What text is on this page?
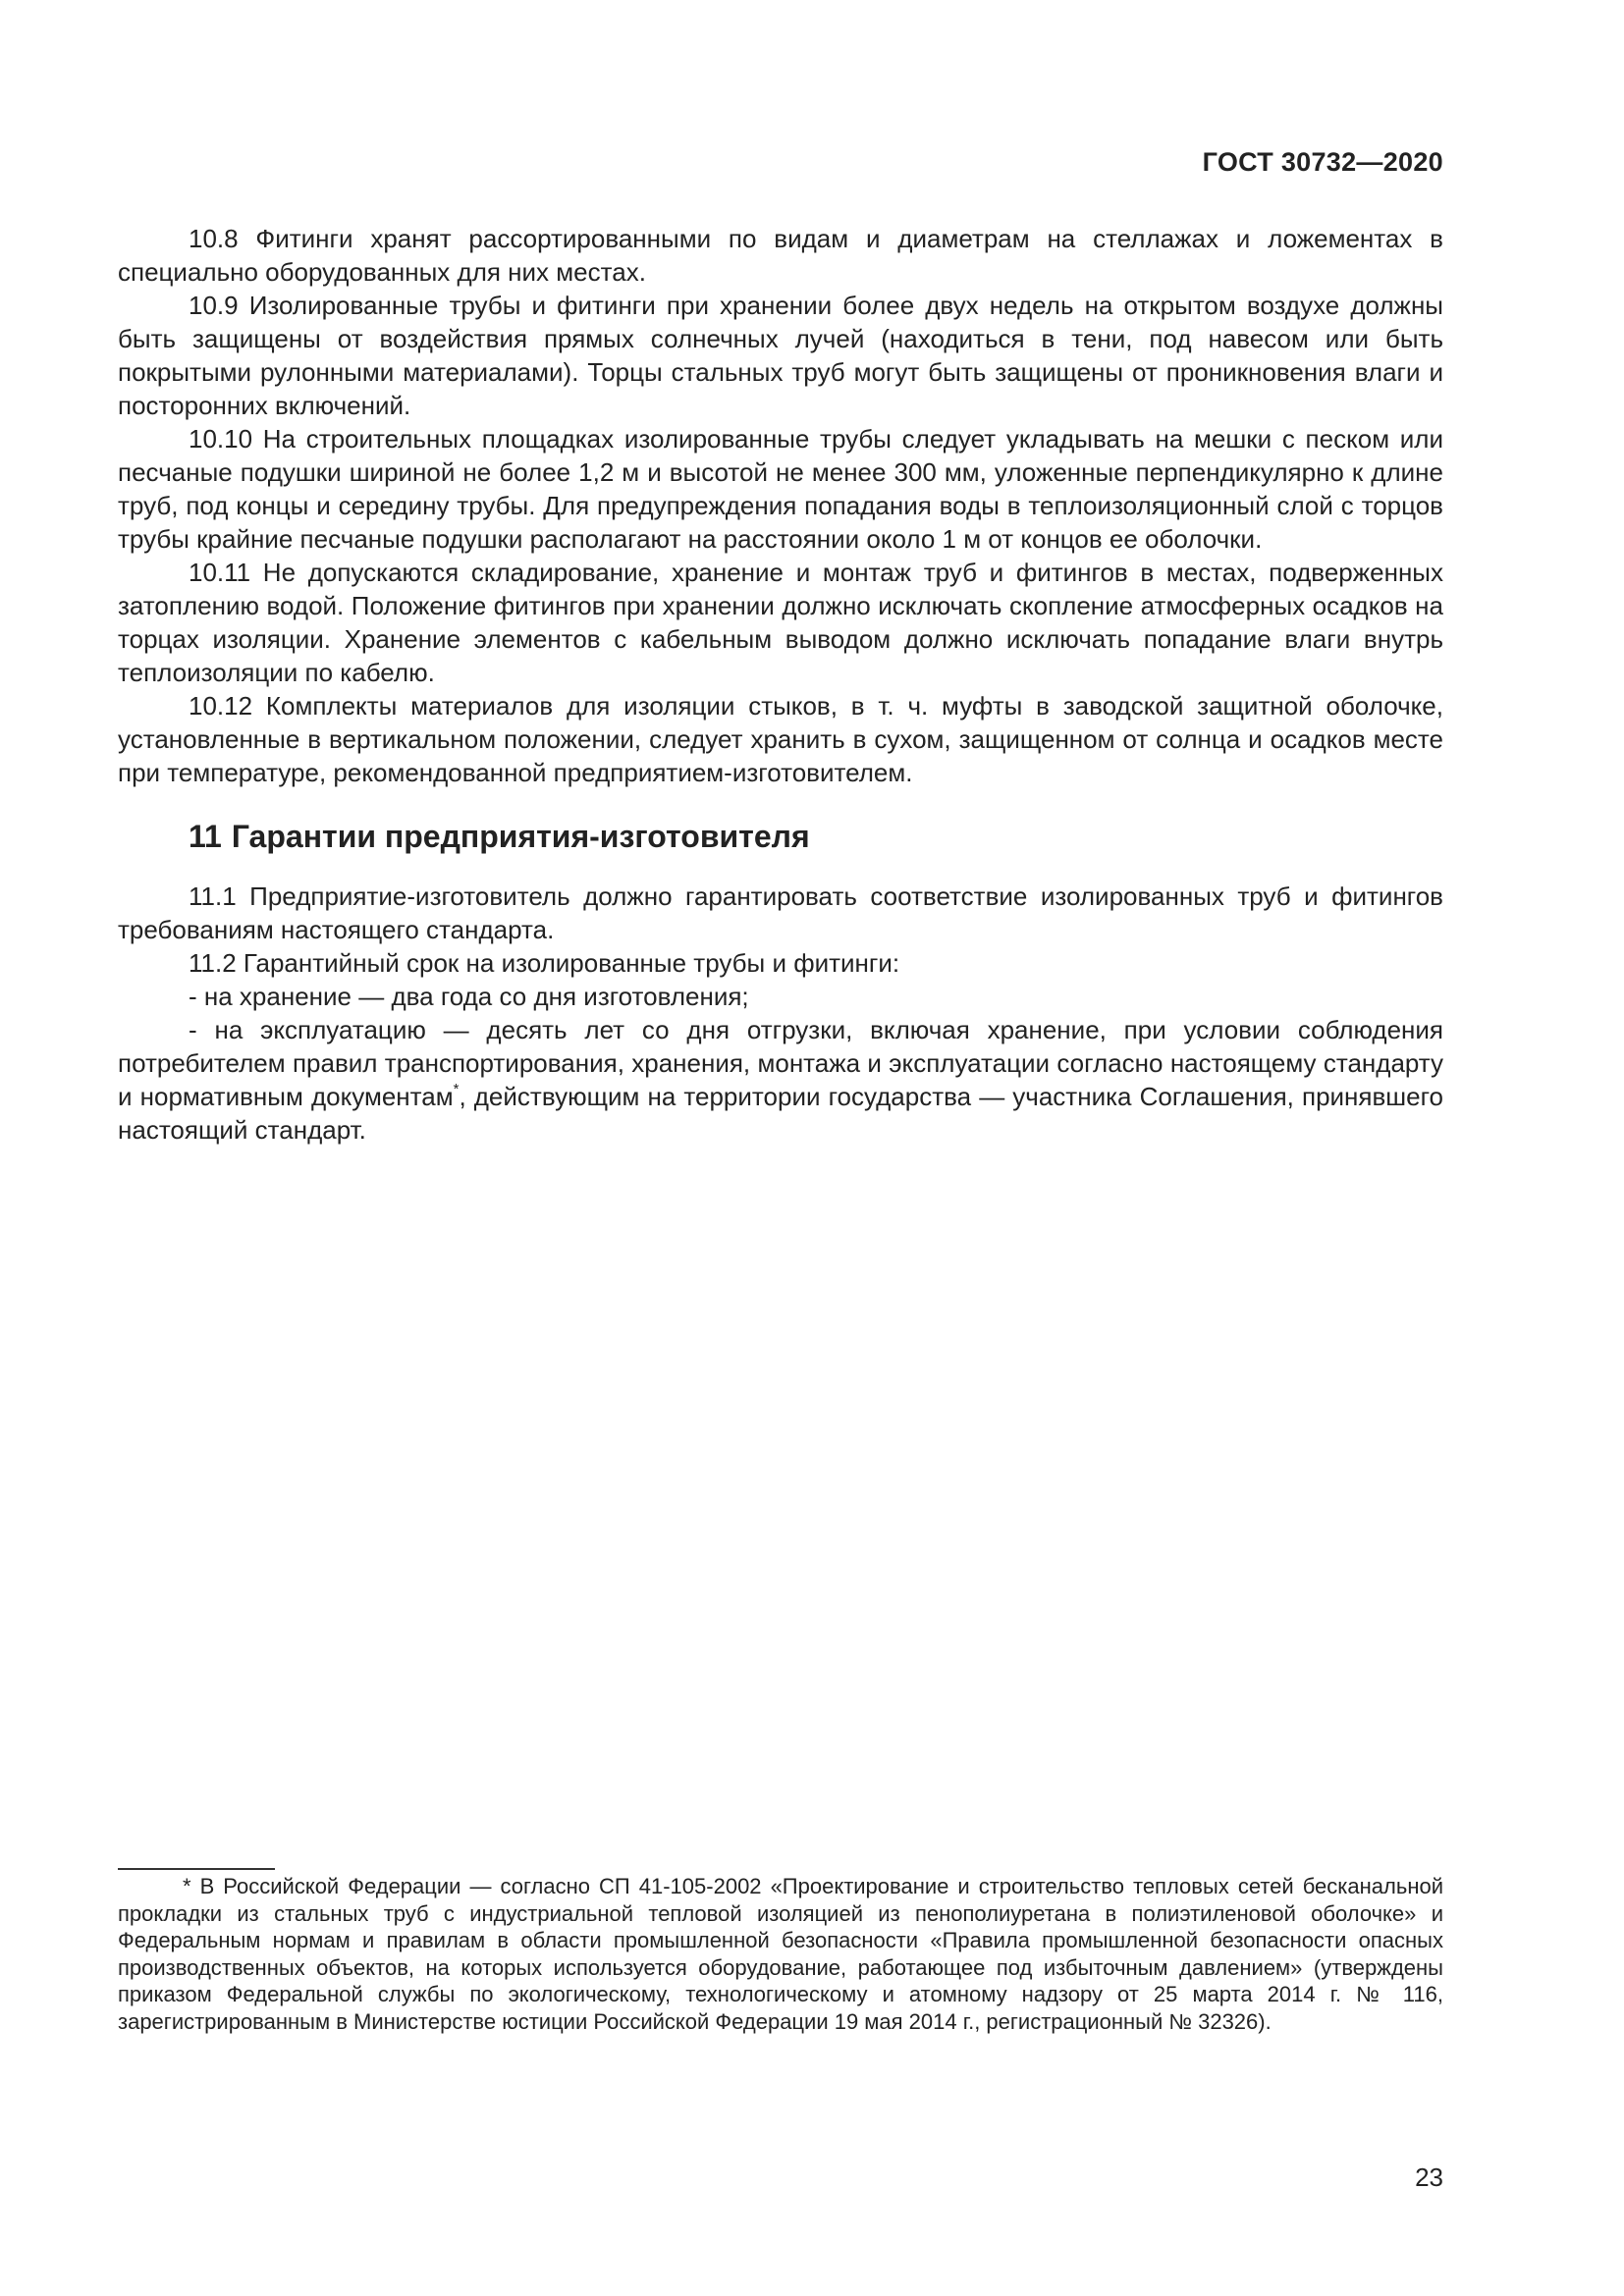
ГОСТ 30732—2020

10.8 Фитинги хранят рассортированными по видам и диаметрам на стеллажах и ложементах в специально оборудованных для них местах.

10.9 Изолированные трубы и фитинги при хранении более двух недель на открытом воздухе должны быть защищены от воздействия прямых солнечных лучей (находиться в тени, под навесом или быть покрытыми рулонными материалами). Торцы стальных труб могут быть защищены от проникновения влаги и посторонних включений.

10.10 На строительных площадках изолированные трубы следует укладывать на мешки с песком или песчаные подушки шириной не более 1,2 м и высотой не менее 300 мм, уложенные перпендикулярно к длине труб, под концы и середину трубы. Для предупреждения попадания воды в теплоизоляционный слой с торцов трубы крайние песчаные подушки располагают на расстоянии около 1 м от концов ее оболочки.

10.11 Не допускаются складирование, хранение и монтаж труб и фитингов в местах, подверженных затоплению водой. Положение фитингов при хранении должно исключать скопление атмосферных осадков на торцах изоляции. Хранение элементов с кабельным выводом должно исключать попадание влаги внутрь теплоизоляции по кабелю.

10.12 Комплекты материалов для изоляции стыков, в т. ч. муфты в заводской защитной оболочке, установленные в вертикальном положении, следует хранить в сухом, защищенном от солнца и осадков месте при температуре, рекомендованной предприятием-изготовителем.

11 Гарантии предприятия-изготовителя

11.1 Предприятие-изготовитель должно гарантировать соответствие изолированных труб и фитингов требованиям настоящего стандарта.

11.2 Гарантийный срок на изолированные трубы и фитинги:

- на хранение — два года со дня изготовления;

- на эксплуатацию — десять лет со дня отгрузки, включая хранение, при условии соблюдения потребителем правил транспортирования, хранения, монтажа и эксплуатации согласно настоящему стандарту и нормативным документам*, действующим на территории государства — участника Соглашения, принявшего настоящий стандарт.

* В Российской Федерации — согласно СП 41-105-2002 «Проектирование и строительство тепловых сетей бесканальной прокладки из стальных труб с индустриальной тепловой изоляцией из пенополиуретана в полиэтиленовой оболочке» и Федеральным нормам и правилам в области промышленной безопасности «Правила промышленной безопасности опасных производственных объектов, на которых используется оборудование, работающее под избыточным давлением» (утверждены приказом Федеральной службы по экологическому, технологическому и атомному надзору от 25 марта 2014 г. № 116, зарегистрированным в Министерстве юстиции Российской Федерации 19 мая 2014 г., регистрационный № 32326).

23
